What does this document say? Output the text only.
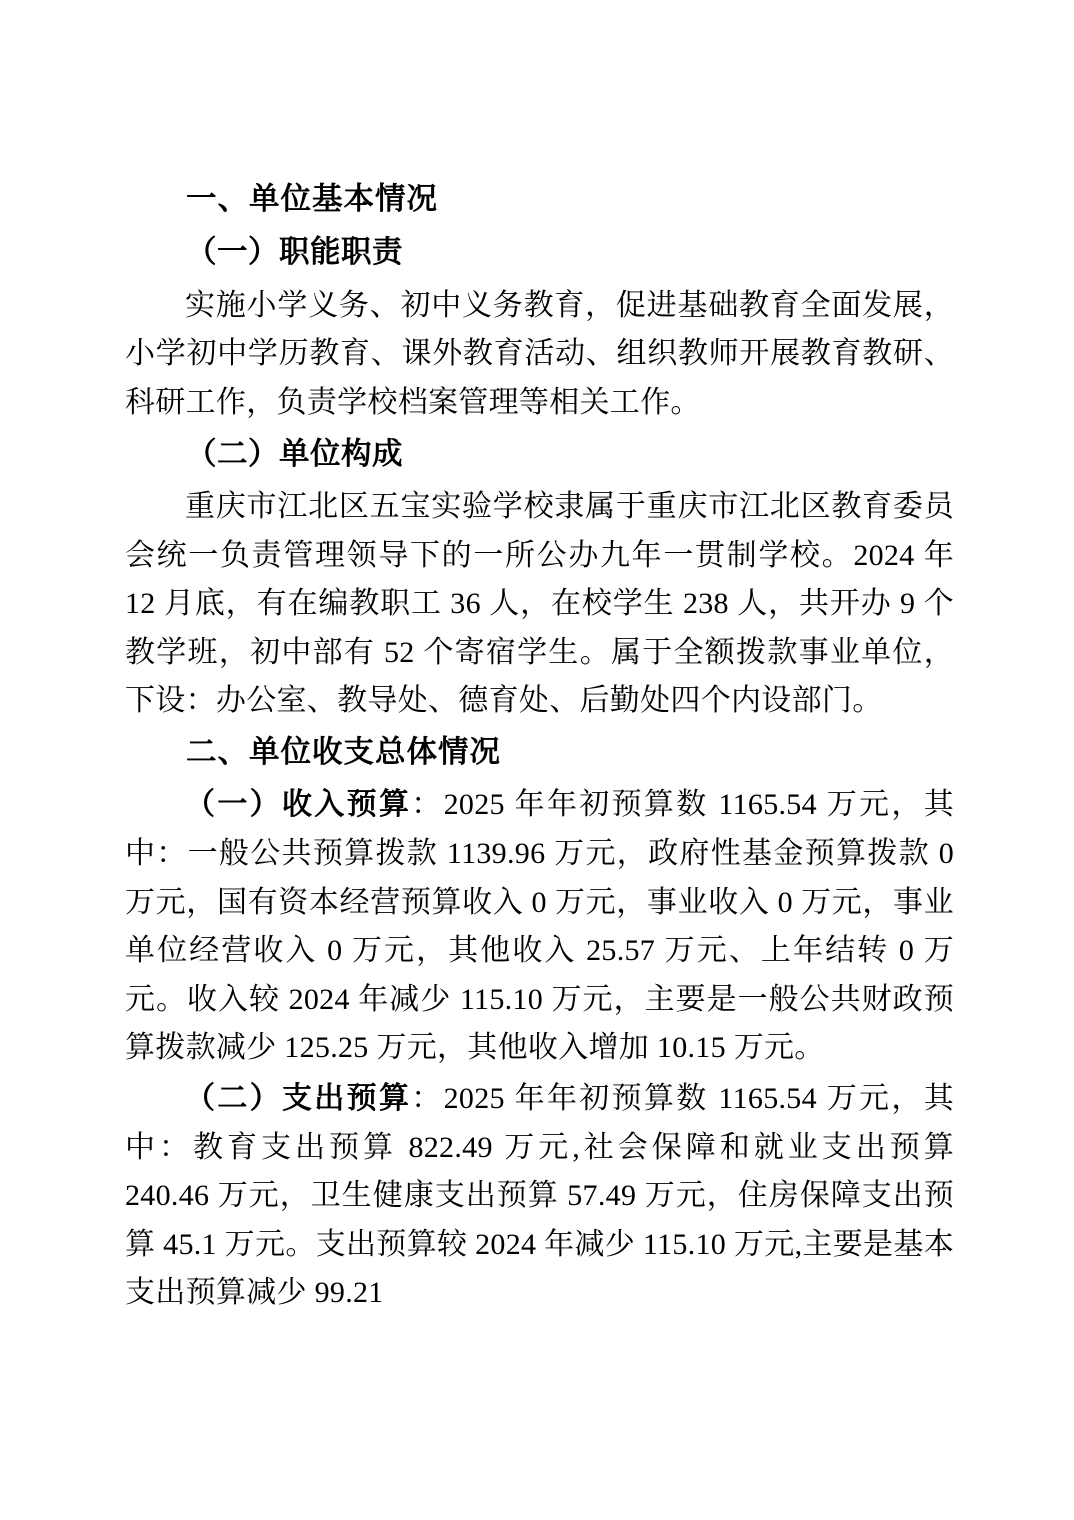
一、单位基本情况
（一）职能职责

实施小学义务、初中义务教育，促进基础教育全面发展，小学初中学历教育、课外教育活动、组织教师开展教育教研、科研工作，负责学校档案管理等相关工作。

（二）单位构成

重庆市江北区五宝实验学校隶属于重庆市江北区教育委员会统一负责管理领导下的一所公办九年一贯制学校。2024 年 12 月底，有在编教职工 36 人，在校学生 238 人，共开办 9 个教学班，初中部有 52 个寄宿学生。属于全额拨款事业单位，下设：办公室、教导处、德育处、后勤处四个内设部门。

二、单位收支总体情况

（一）收入预算：2025 年年初预算数 1165.54 万元，其中：一般公共预算拨款 1139.96 万元，政府性基金预算拨款 0 万元，国有资本经营预算收入 0 万元，事业收入 0 万元，事业单位经营收入 0 万元，其他收入 25.57 万元、上年结转 0 万元。收入较 2024 年减少 115.10 万元，主要是一般公共财政预算拨款减少 125.25 万元，其他收入增加 10.15 万元。

（二）支出预算：2025 年年初预算数 1165.54 万元，其中：教育支出预算 822.49 万元,社会保障和就业支出预算 240.46 万元，卫生健康支出预算 57.49 万元，住房保障支出预算 45.1 万元。支出预算较 2024 年减少 115.10 万元,主要是基本支出预算减少 99.21
